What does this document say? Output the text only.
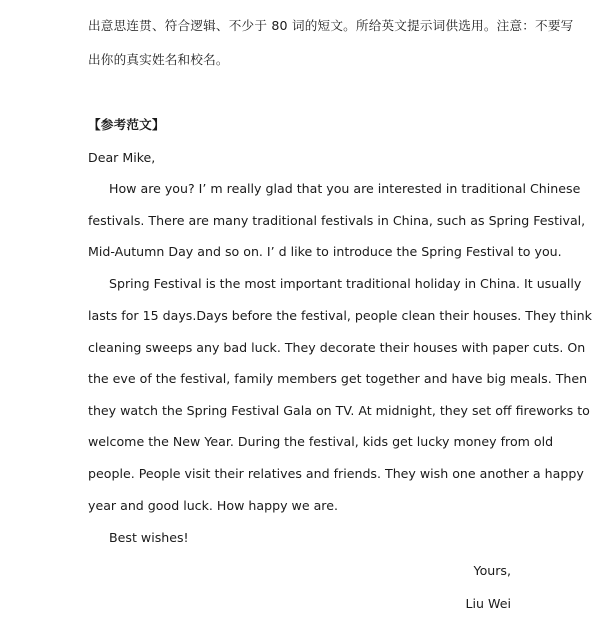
出意思连贯、符合逻辑、不少于 80 词的短文。所给英文提示词供选用。注意：不要写
出你的真实姓名和校名。
【参考范文】
Dear Mike,
How are you? I’ m really glad that you are interested in traditional Chinese
festivals. There are many traditional festivals in China, such as Spring Festival,
Mid-Autumn Day and so on. I’ d like to introduce the Spring Festival to you.
Spring Festival is the most important traditional holiday in China. It usually
lasts for 15 days.Days before the festival, people clean their houses. They think
cleaning sweeps any bad luck. They decorate their houses with paper cuts. On
the eve of the festival, family members get together and have big meals. Then
they watch the Spring Festival Gala on TV. At midnight, they set off fireworks to
welcome the New Year. During the festival, kids get lucky money from old
people. People visit their relatives and friends. They wish one another a happy
year and good luck. How happy we are.
Best wishes!
Yours,
Liu Wei
